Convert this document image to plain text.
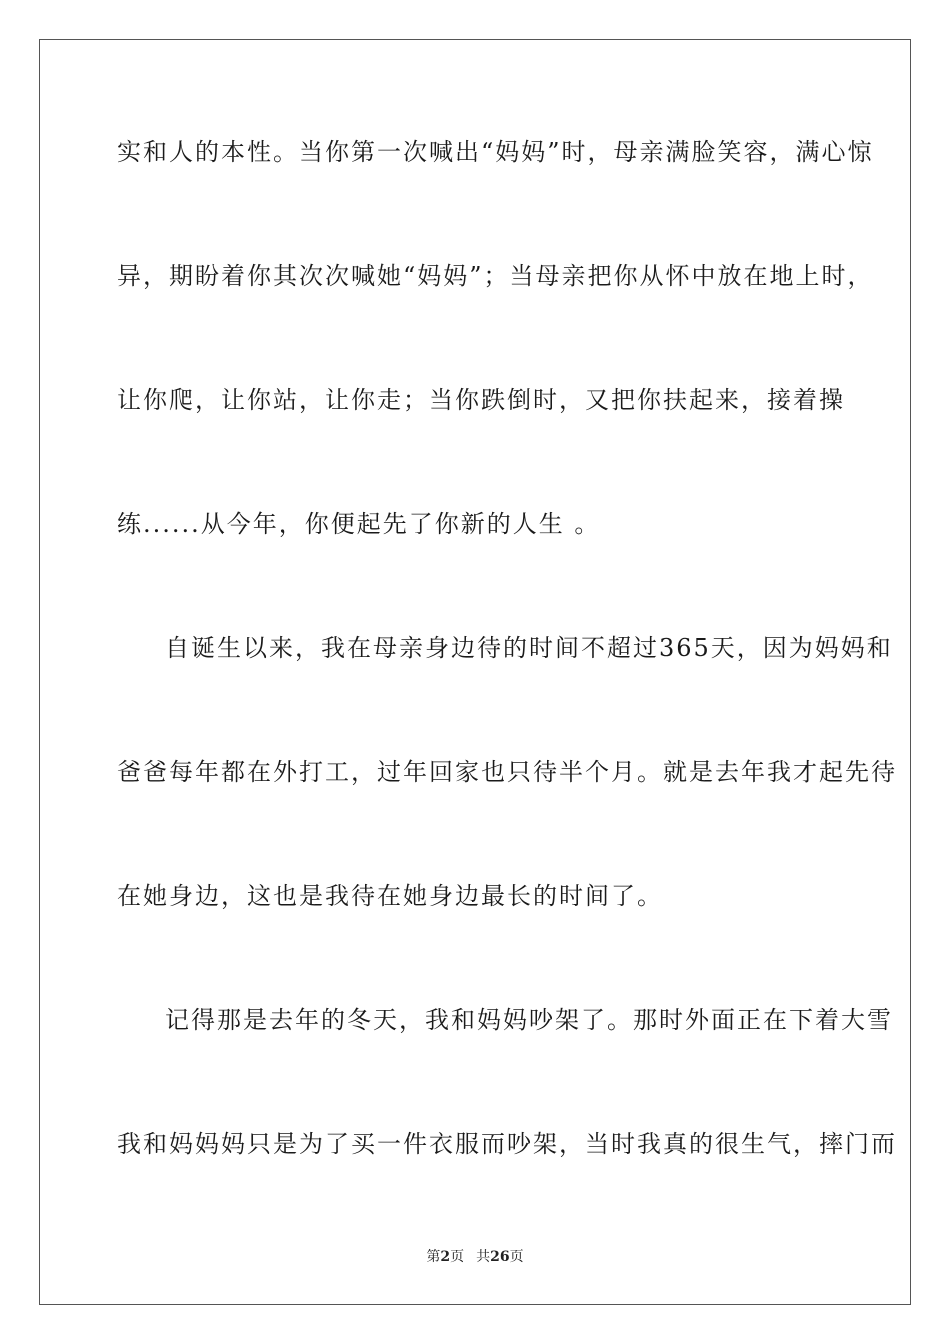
实和人的本性。当你第一次喊出“妈妈”时，母亲满脸笑容，满心惊
异，期盼着你其次次喊她“妈妈”；当母亲把你从怀中放在地上时，
让你爬，让你站，让你走；当你跌倒时，又把你扶起来，接着操
练......从今年，你便起先了你新的人生 。
自诞生以来，我在母亲身边待的时间不超过365天，因为妈妈和
爸爸每年都在外打工，过年回家也只待半个月。就是去年我才起先待
在她身边，这也是我待在她身边最长的时间了。
记得那是去年的冬天，我和妈妈吵架了。那时外面正在下着大雪
我和妈妈妈只是为了买一件衣服而吵架，当时我真的很生气，摔门而
第2页 共26页
